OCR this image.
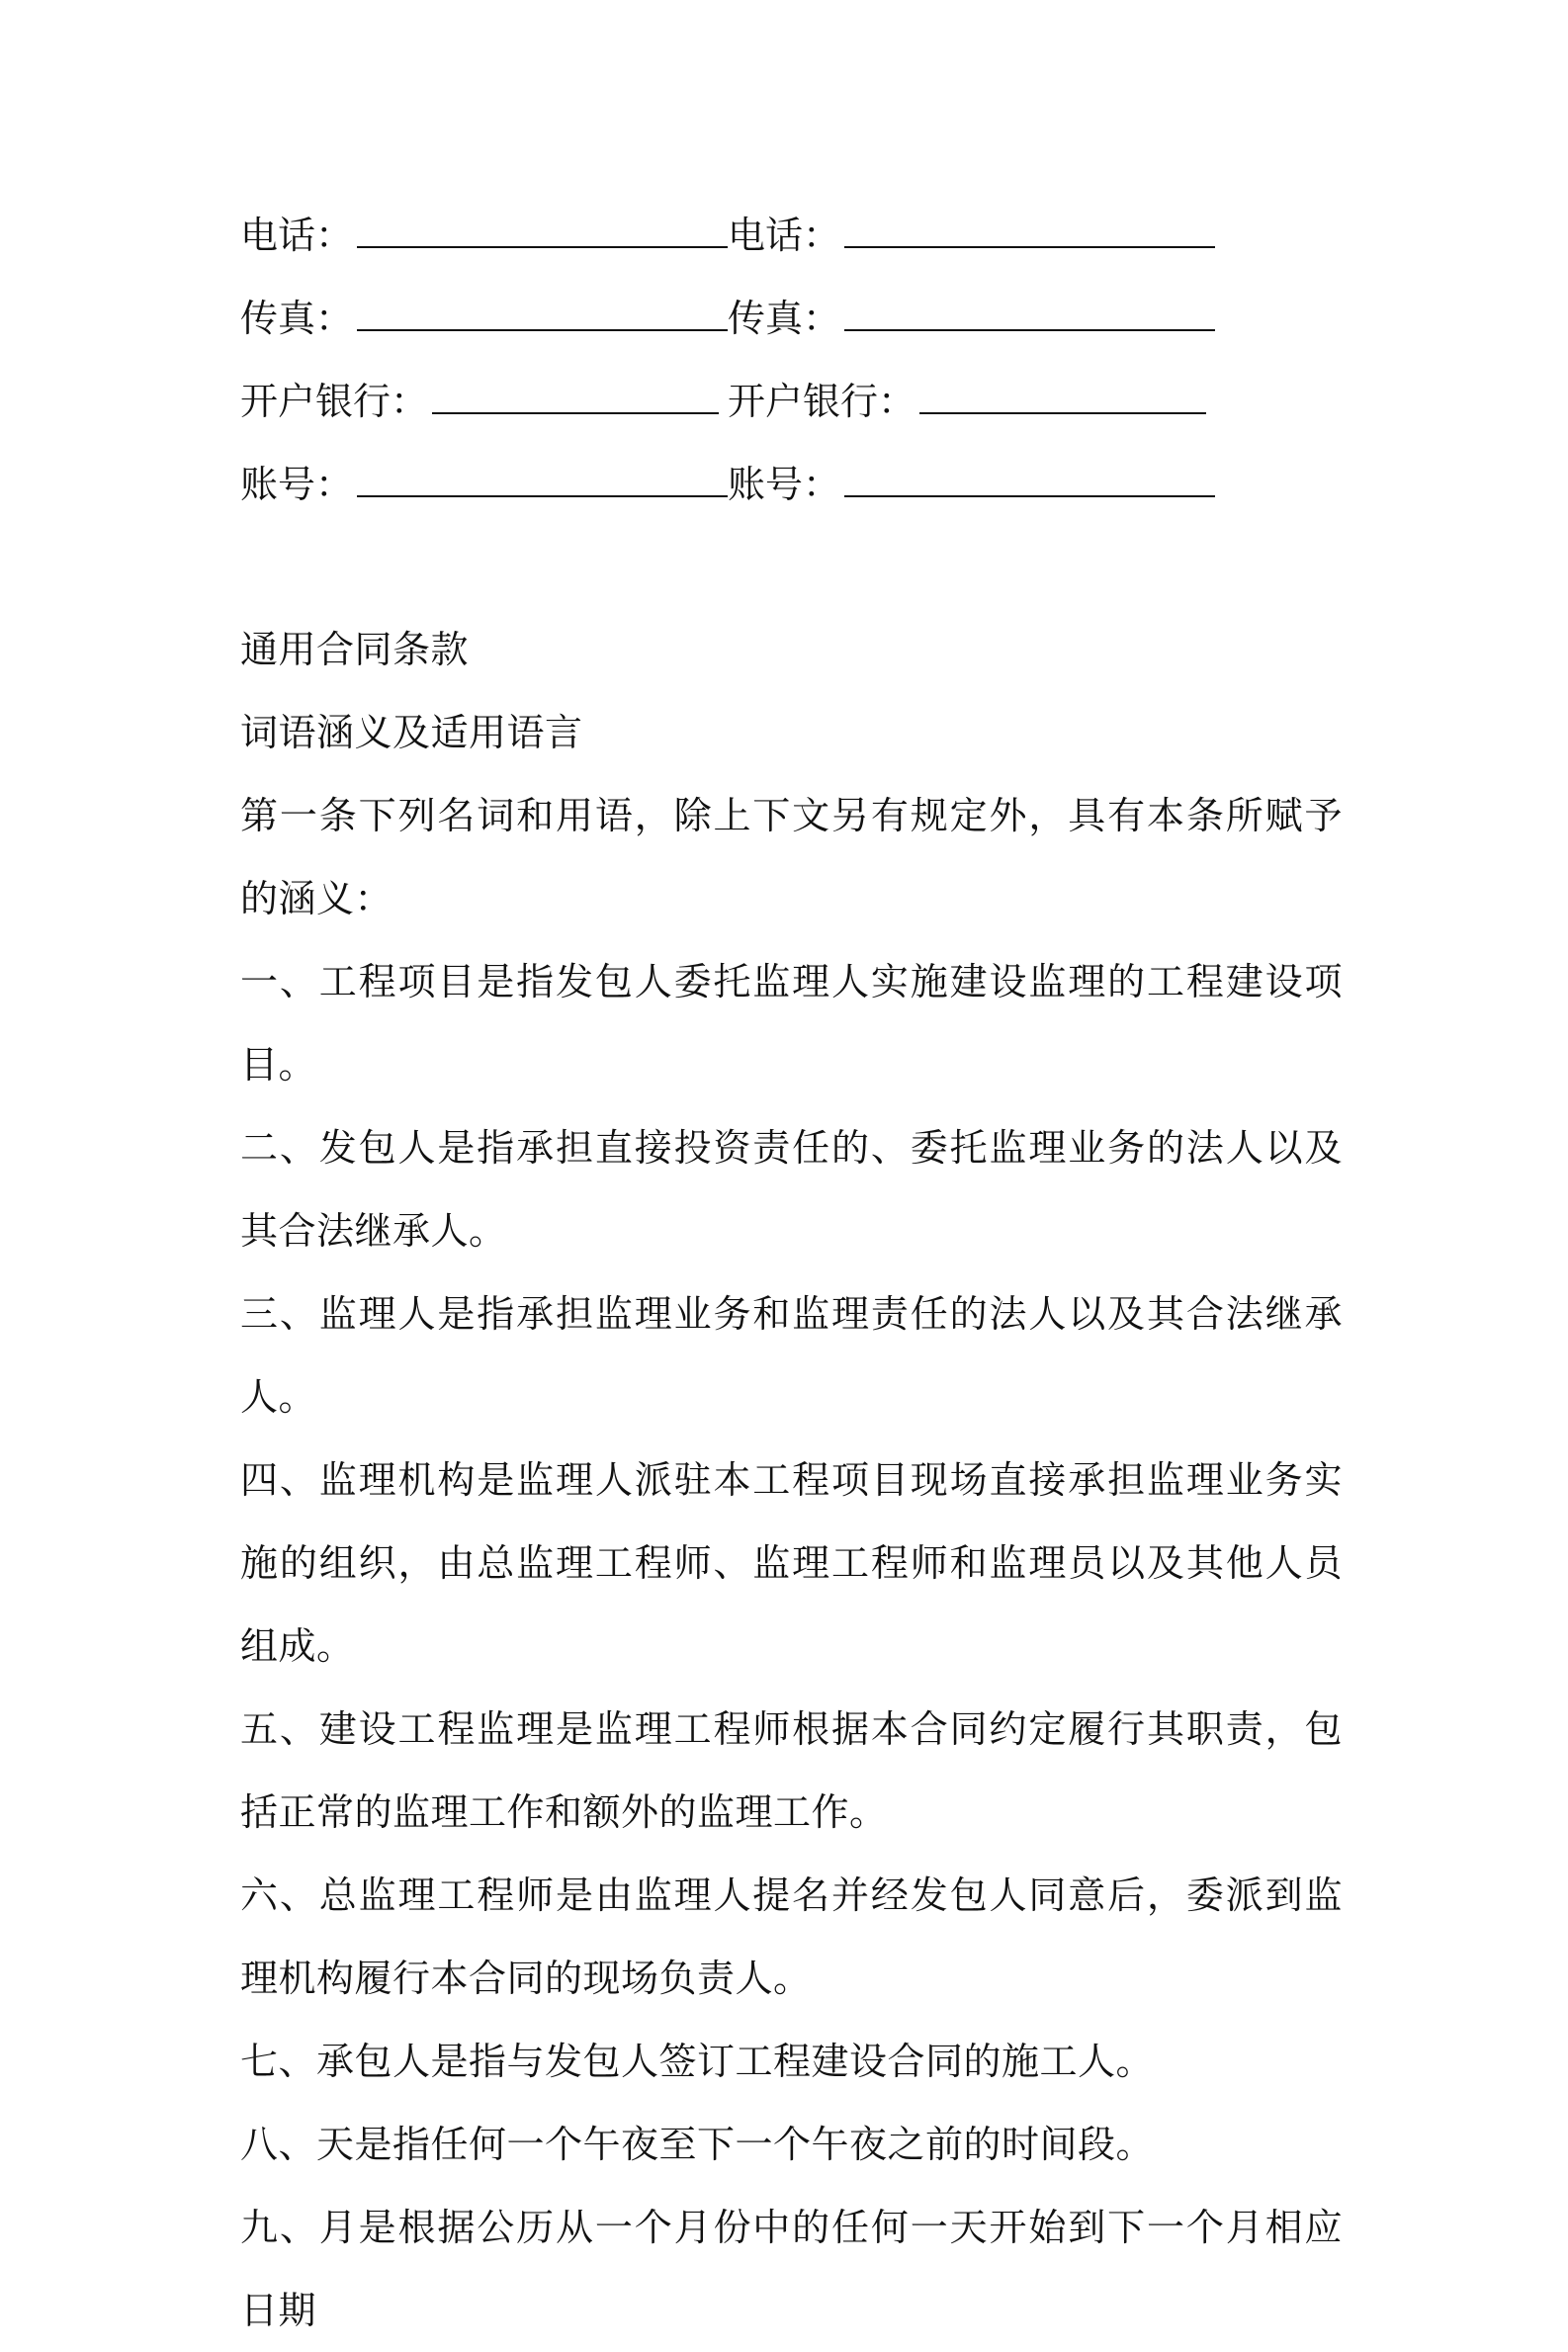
电话：	电话：
传真：	传真：
开户银行：	开户银行：
账号：	账号：

通用合同条款

词语涵义及适用语言

第一条下列名词和用语，除上下文另有规定外，具有本条所赋予的涵义：

一、工程项目是指发包人委托监理人实施建设监理的工程建设项目。

二、发包人是指承担直接投资责任的、委托监理业务的法人以及其合法继承人。

三、监理人是指承担监理业务和监理责任的法人以及其合法继承人。

四、监理机构是监理人派驻本工程项目现场直接承担监理业务实施的组织，由总监理工程师、监理工程师和监理员以及其他人员组成。

五、建设工程监理是监理工程师根据本合同约定履行其职责，包括正常的监理工作和额外的监理工作。

六、总监理工程师是由监理人提名并经发包人同意后，委派到监理机构履行本合同的现场负责人。

七、承包人是指与发包人签订工程建设合同的施工人。

八、天是指任何一个午夜至下一个午夜之前的时间段。

九、月是根据公历从一个月份中的任何一天开始到下一个月相应日期
